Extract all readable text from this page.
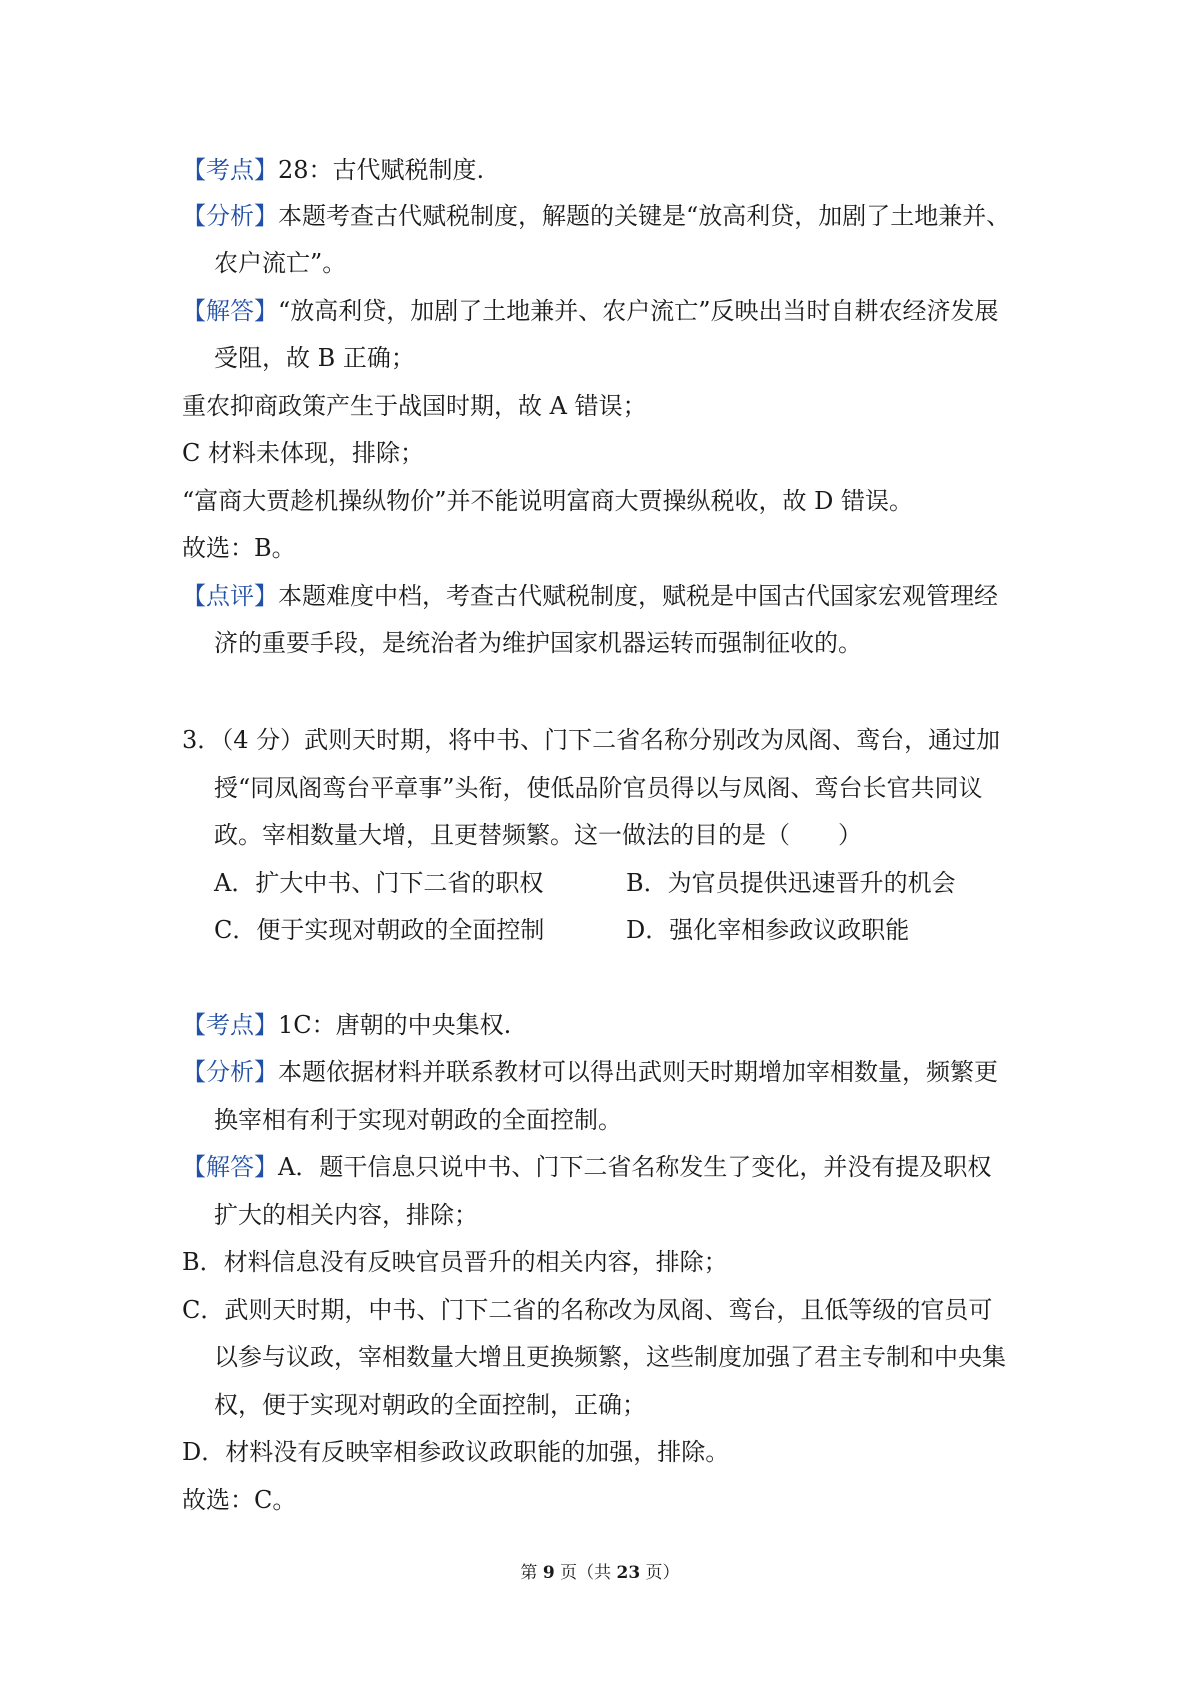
【考点】28：古代赋税制度.
【分析】本题考查古代赋税制度，解题的关键是“放高利贷，加剧了土地兼并、
农户流亡”。
【解答】“放高利贷，加剧了土地兼并、农户流亡”反映出当时自耕农经济发展
受阻，故 B 正确；
重农抑商政策产生于战国时期，故 A 错误；
C 材料未体现，排除；
“富商大贾趁机操纵物价”并不能说明富商大贾操纵税收，故 D 错误。
故选：B。
【点评】本题难度中档，考查古代赋税制度，赋税是中国古代国家宏观管理经
济的重要手段，是统治者为维护国家机器运转而强制征收的。
3．（4 分）武则天时期，将中书、门下二省名称分别改为凤阁、鸾台，通过加
授“同凤阁鸾台平章事”头衔，使低品阶官员得以与凤阁、鸾台长官共同议
政。宰相数量大增，且更替频繁。这一做法的目的是（　　）
A．扩大中书、门下二省的职权	B．为官员提供迅速晋升的机会
C．便于实现对朝政的全面控制	D．强化宰相参政议政职能
【考点】1C：唐朝的中央集权.
【分析】本题依据材料并联系教材可以得出武则天时期增加宰相数量，频繁更
换宰相有利于实现对朝政的全面控制。
【解答】A．题干信息只说中书、门下二省名称发生了变化，并没有提及职权
扩大的相关内容，排除；
B．材料信息没有反映官员晋升的相关内容，排除；
C．武则天时期，中书、门下二省的名称改为凤阁、鸾台，且低等级的官员可
以参与议政，宰相数量大增且更换频繁，这些制度加强了君主专制和中央集
权，便于实现对朝政的全面控制，正确；
D．材料没有反映宰相参政议政职能的加强，排除。
故选：C。
第 9 页（共 23 页）
